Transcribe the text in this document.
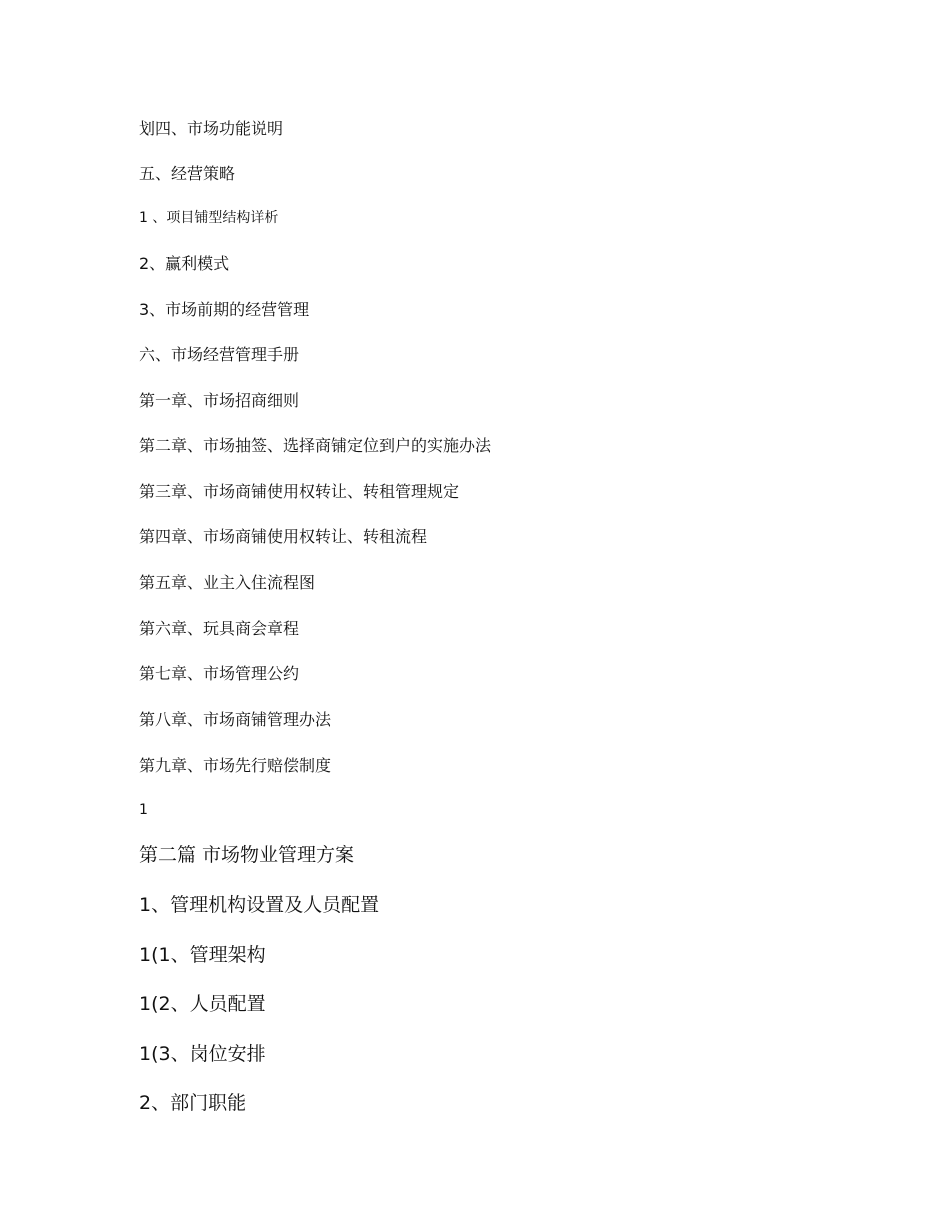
划四、市场功能说明
五、经营策略
1 、项目铺型结构详析
2、赢利模式
3、市场前期的经营管理
六、市场经营管理手册
第一章、市场招商细则
第二章、市场抽签、选择商铺定位到户的实施办法
第三章、市场商铺使用权转让、转租管理规定
第四章、市场商铺使用权转让、转租流程
第五章、业主入住流程图
第六章、玩具商会章程
第七章、市场管理公约
第八章、市场商铺管理办法
第九章、市场先行赔偿制度
1
第二篇 市场物业管理方案
1、管理机构设置及人员配置
1(1、管理架构
1(2、人员配置
1(3、岗位安排
2、部门职能
